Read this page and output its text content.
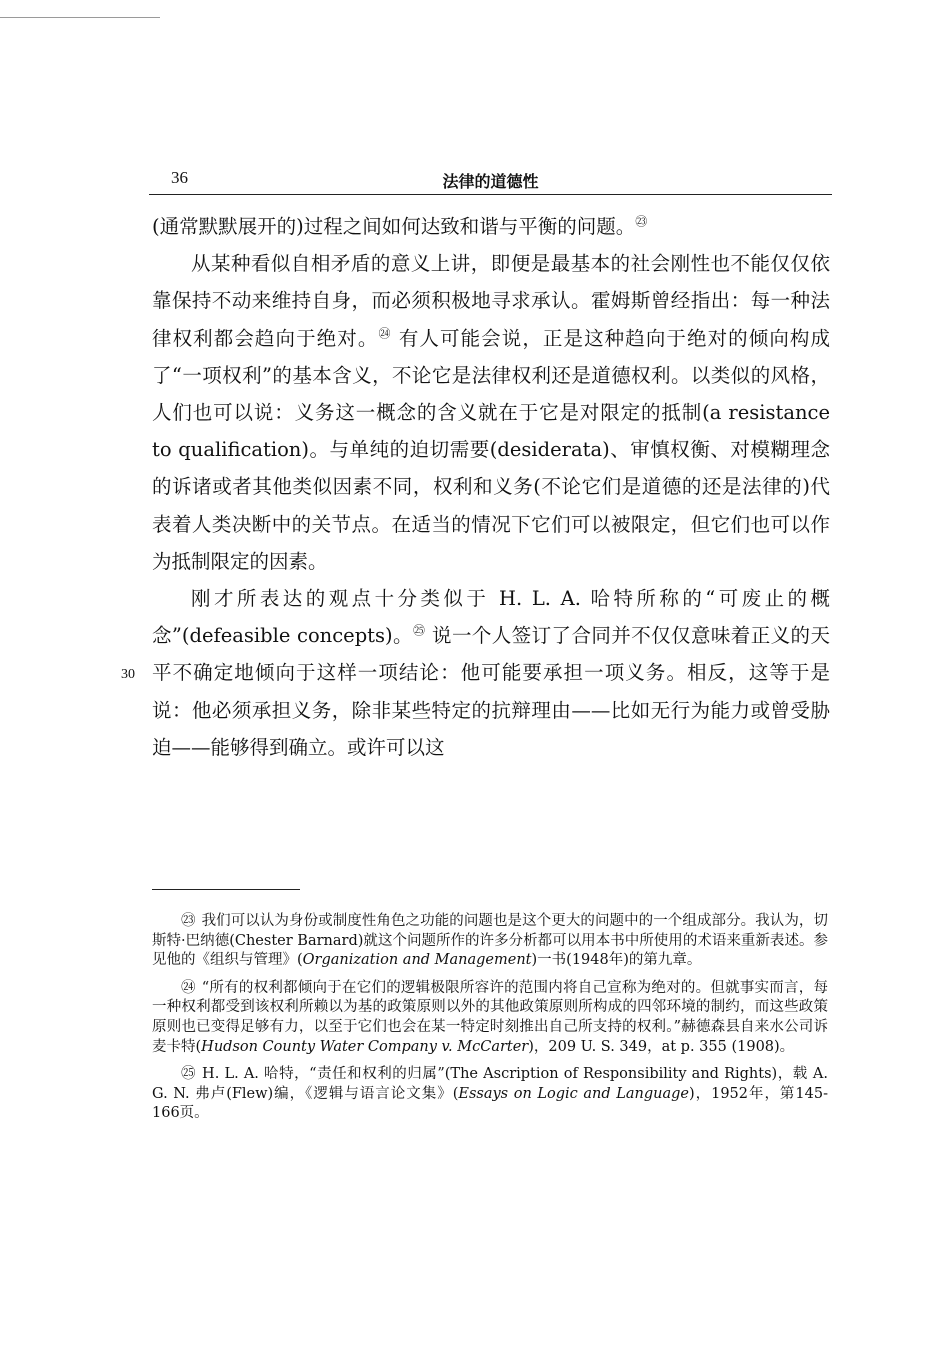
36	法律的道德性

(通常默默展开的)过程之间如何达致和谐与平衡的问题。$^㉓$

从某种看似自相矛盾的意义上讲，即便是最基本的社会刚性也不能仅仅依靠保持不动来维持自身，而必须积极地寻求承认。霍姆斯曾经指出：每一种法律权利都会趋向于绝对。$^㉔$ 有人可能会说，正是这种趋向于绝对的倾向构成了“一项权利”的基本含义，不论它是法律权利还是道德权利。以类似的风格，人们也可以说：义务这一概念的含义就在于它是对限定的抵制(a resistance to qualification)。与单纯的迫切需要(desiderata)、审慎权衡、对模糊理念的诉诸或者其他类似因素不同，权利和义务(不论它们是道德的还是法律的)代表着人类决断中的关节点。在适当的情况下它们可以被限定，但它们也可以作为抵制限定的因素。

刚才所表达的观点十分类似于 H. L. A. 哈特所称的“可废止的概念”(defeasible concepts)。$^㉕$ 说一个人签订了合同并不仅仅意味着正义的天平不确定地倾向于这样一项结论：他可能要承担一项义务。相反，这等于是说：他必须承担义务，除非某些特定的抗辩理由——比如无行为能力或曾受胁迫——能够得到确立。或许可以这

30

㉓ 我们可以认为身份或制度性角色之功能的问题也是这个更大的问题中的一个组成部分。我认为，切斯特·巴纳德(Chester Barnard)就这个问题所作的许多分析都可以用本书中所使用的术语来重新表述。参见他的《组织与管理》(Organization and Management)一书(1948年)的第九章。

㉔ “所有的权利都倾向于在它们的逻辑极限所容许的范围内将自己宣称为绝对的。但就事实而言，每一种权利都受到该权利所赖以为基的政策原则以外的其他政策原则所构成的四邻环境的制约，而这些政策原则也已变得足够有力，以至于它们也会在某一特定时刻推出自己所支持的权利。”赫德森县自来水公司诉麦卡特(Hudson County Water Company v. McCarter)，209 U. S. 349，at p. 355 (1908)。

㉕ H. L. A. 哈特，“责任和权利的归属”(The Ascription of Responsibility and Rights)，载 A. G. N. 弗卢(Flew)编，《逻辑与语言论文集》(Essays on Logic and Language)，1952年，第145-166页。
